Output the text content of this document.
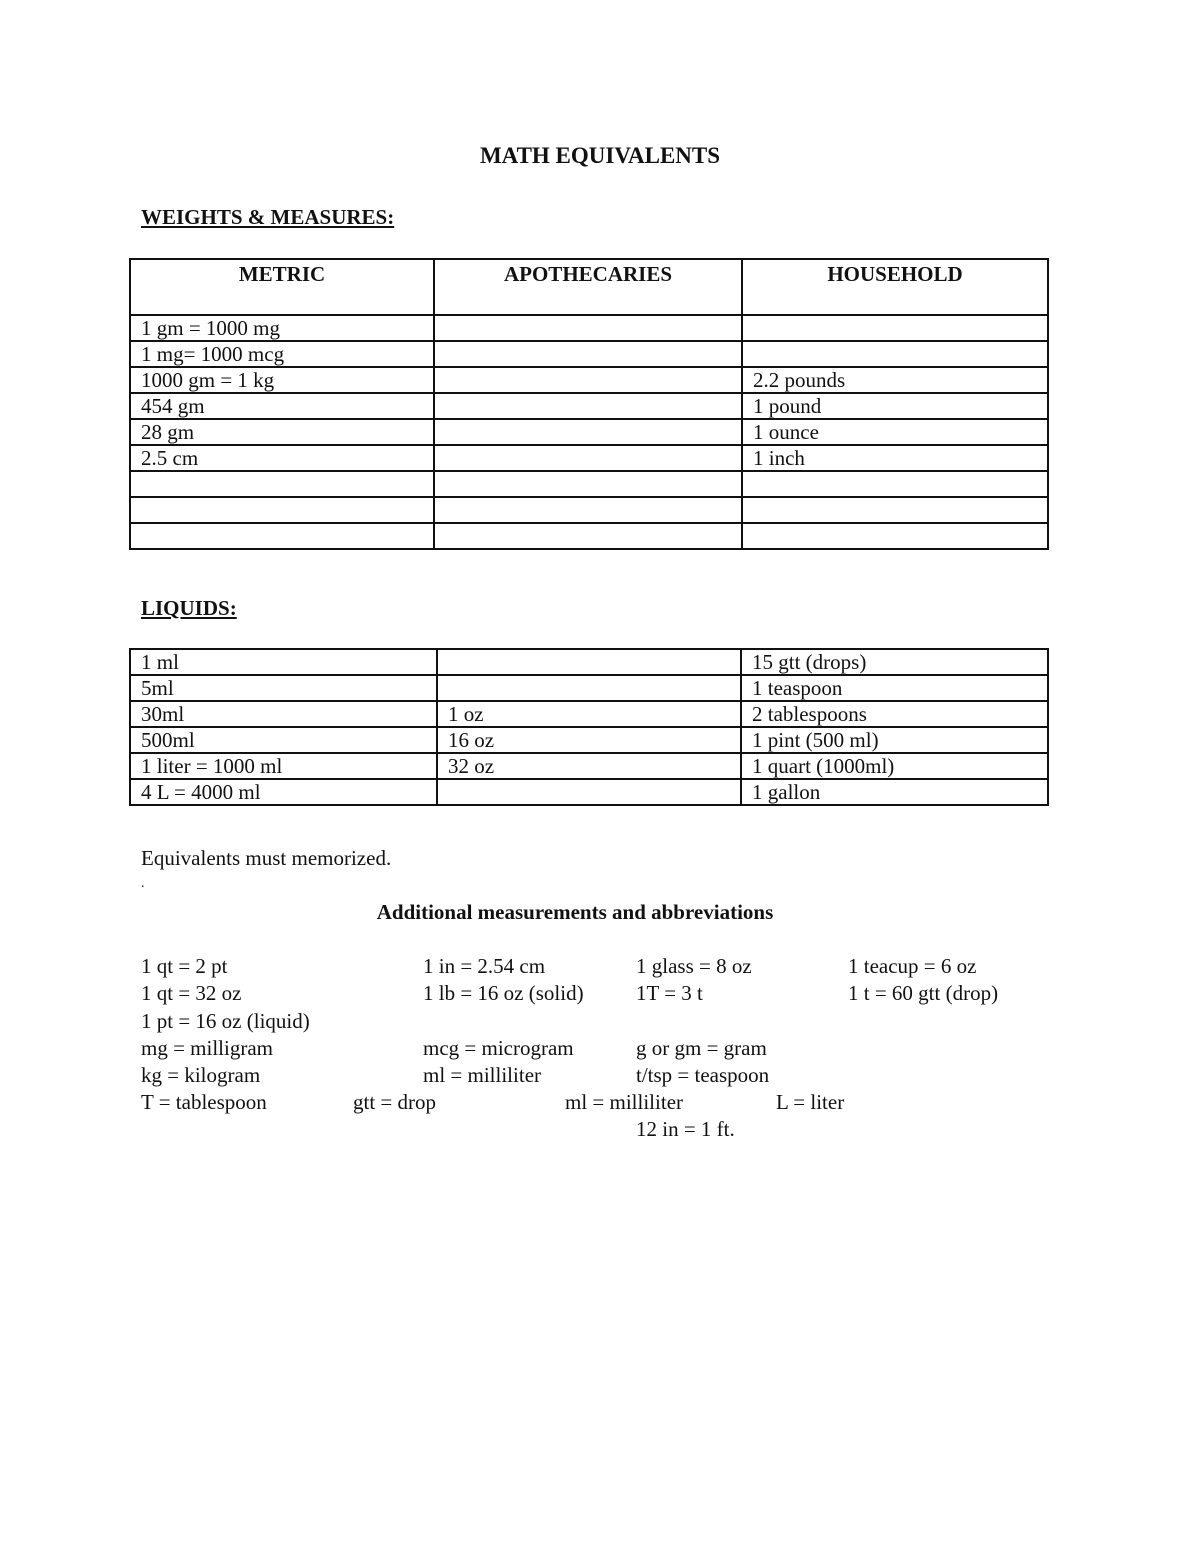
MATH EQUIVALENTS
WEIGHTS & MEASURES:
METRIC	APOTHECARIES	HOUSEHOLD
1 gm = 1000 mg		
1 mg= 1000 mcg		
1000 gm = 1 kg		2.2 pounds
454 gm		1 pound
28 gm		1 ounce
2.5 cm		1 inch

LIQUIDS:
1 ml		15 gtt (drops)
5ml		1 teaspoon
30ml	1 oz	2 tablespoons
500ml	16 oz	1 pint (500 ml)
1 liter = 1000 ml	32 oz	1 quart (1000ml)
4 L = 4000 ml		1 gallon
Equivalents must memorized.
.
Additional measurements and abbreviations
1 qt = 2 pt	1 in = 2.54 cm	1 glass = 8 oz	1 teacup = 6 oz
1 qt = 32 oz	1 lb = 16 oz (solid) 1T = 3 t	1 t = 60 gtt (drop)
1 pt = 16 oz (liquid)
mg = milligram	mcg = microgram	g or gm = gram
kg = kilogram	ml = milliliter	t/tsp = teaspoon
T = tablespoon	gtt = drop	ml = milliliter	L = liter
12 in = 1 ft.
